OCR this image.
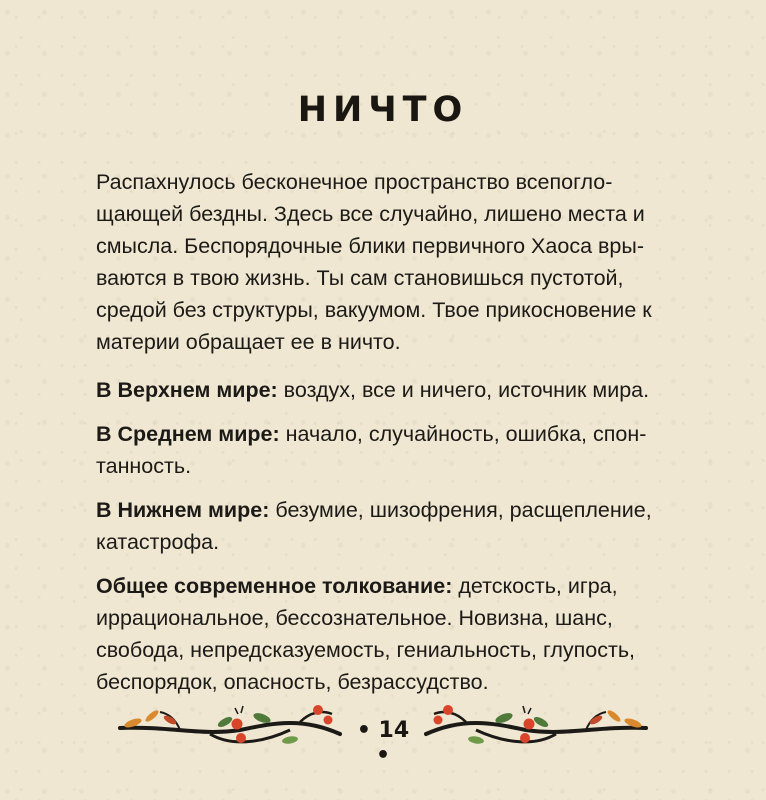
НИЧТО

Распахнулось бесконечное пространство всепогло-
щающей бездны. Здесь все случайно, лишено места и
смысла. Беспорядочные блики первичного Хаоса вры-
ваются в твою жизнь. Ты сам становишься пустотой,
средой без структуры, вакуумом. Твое прикосновение к
материи обращает ее в ничто.

В Верхнем мире: воздух, все и ничего, источник мира.

В Среднем мире: начало, случайность, ошибка, спон-
танность.

В Нижнем мире: безумие, шизофрения, расщепление,
катастрофа.

Общее современное толкование: детскость, игра,
иррациональное, бессознательное. Новизна, шанс,
свобода, непредсказуемость, гениальность, глупость,
беспорядок, опасность, безрассудство.

• 14 •
